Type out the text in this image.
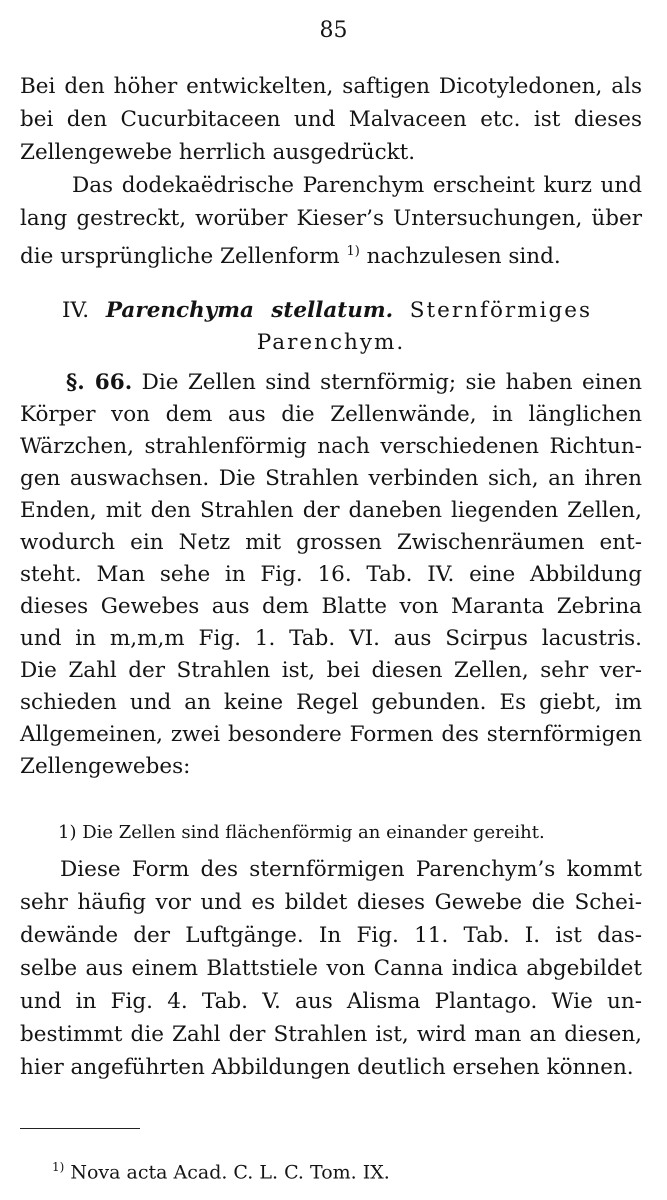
85
Bei den höher entwickelten, saftigen Dicotyledonen, als
bei den Cucurbitaceen und Malvaceen etc. ist dieses
Zellengewebe herrlich ausgedrückt.
Das dodekaëdrische Parenchym erscheint kurz und
lang gestreckt, worüber Kieser’s Untersuchungen, über
die ursprüngliche Zellenform $^{1)}$ nachzulesen sind.
IV. Parenchyma stellatum. Sternförmiges
Parenchym.
§. 66. Die Zellen sind sternförmig; sie haben einen
Körper von dem aus die Zellenwände, in länglichen
Wärzchen, strahlenförmig nach verschiedenen Richtun-
gen auswachsen. Die Strahlen verbinden sich, an ihren
Enden, mit den Strahlen der daneben liegenden Zellen,
wodurch ein Netz mit grossen Zwischenräumen ent-
steht. Man sehe in Fig. 16. Tab. IV. eine Abbildung
dieses Gewebes aus dem Blatte von Maranta Zebrina
und in m,m,m Fig. 1. Tab. VI. aus Scirpus lacustris.
Die Zahl der Strahlen ist, bei diesen Zellen, sehr ver-
schieden und an keine Regel gebunden. Es giebt, im
Allgemeinen, zwei besondere Formen des sternförmigen
Zellengewebes:
1) Die Zellen sind flächenförmig an einander gereiht.
Diese Form des sternförmigen Parenchym’s kommt
sehr häufig vor und es bildet dieses Gewebe die Schei-
dewände der Luftgänge. In Fig. 11. Tab. I. ist das-
selbe aus einem Blattstiele von Canna indica abgebildet
und in Fig. 4. Tab. V. aus Alisma Plantago. Wie un-
bestimmt die Zahl der Strahlen ist, wird man an diesen,
hier angeführten Abbildungen deutlich ersehen können.
$^{1)}$ Nova acta Acad. C. L. C. Tom. IX.
